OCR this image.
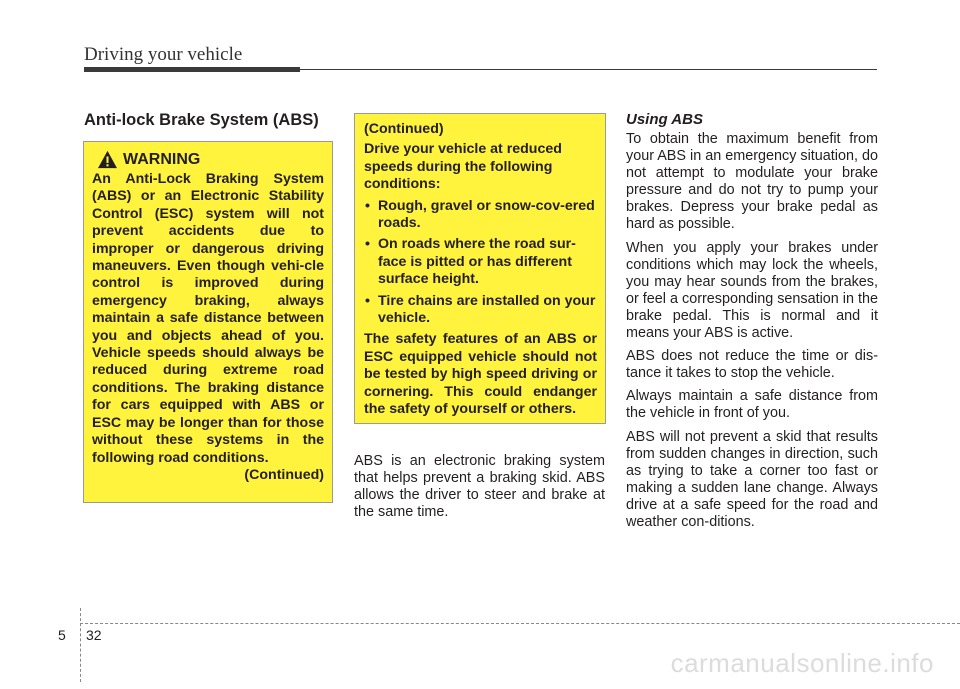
Driving your vehicle
Anti-lock Brake System (ABS)
WARNING

An Anti-Lock Braking System (ABS) or an Electronic Stability Control (ESC) system will not prevent accidents due to improper or dangerous driving maneuvers. Even though vehi-cle control is improved during emergency braking, always maintain a safe distance between you and objects ahead of you. Vehicle speeds should always be reduced during extreme road conditions. The braking distance for cars equipped with ABS or ESC may be longer than for those without these systems in the following road conditions.

(Continued)

(Continued)

Drive your vehicle at reduced speeds during the following conditions:

• Rough, gravel or snow-cov-ered roads.
• On roads where the road sur-face is pitted or has different surface height.
• Tire chains are installed on your vehicle.

The safety features of an ABS or ESC equipped vehicle should not be tested by high speed driving or cornering. This could endanger the safety of yourself or others.

ABS is an electronic braking system that helps prevent a braking skid. ABS allows the driver to steer and brake at the same time.

Using ABS

To obtain the maximum benefit from your ABS in an emergency situation, do not attempt to modulate your brake pressure and do not try to pump your brakes. Depress your brake pedal as hard as possible.

When you apply your brakes under conditions which may lock the wheels, you may hear sounds from the brakes, or feel a corresponding sensation in the brake pedal. This is normal and it means your ABS is active.

ABS does not reduce the time or dis-tance it takes to stop the vehicle.

Always maintain a safe distance from the vehicle in front of you.

ABS will not prevent a skid that results from sudden changes in direction, such as trying to take a corner too fast or making a sudden lane change. Always drive at a safe speed for the road and weather con-ditions.

5 32
carmanualsonline.info
